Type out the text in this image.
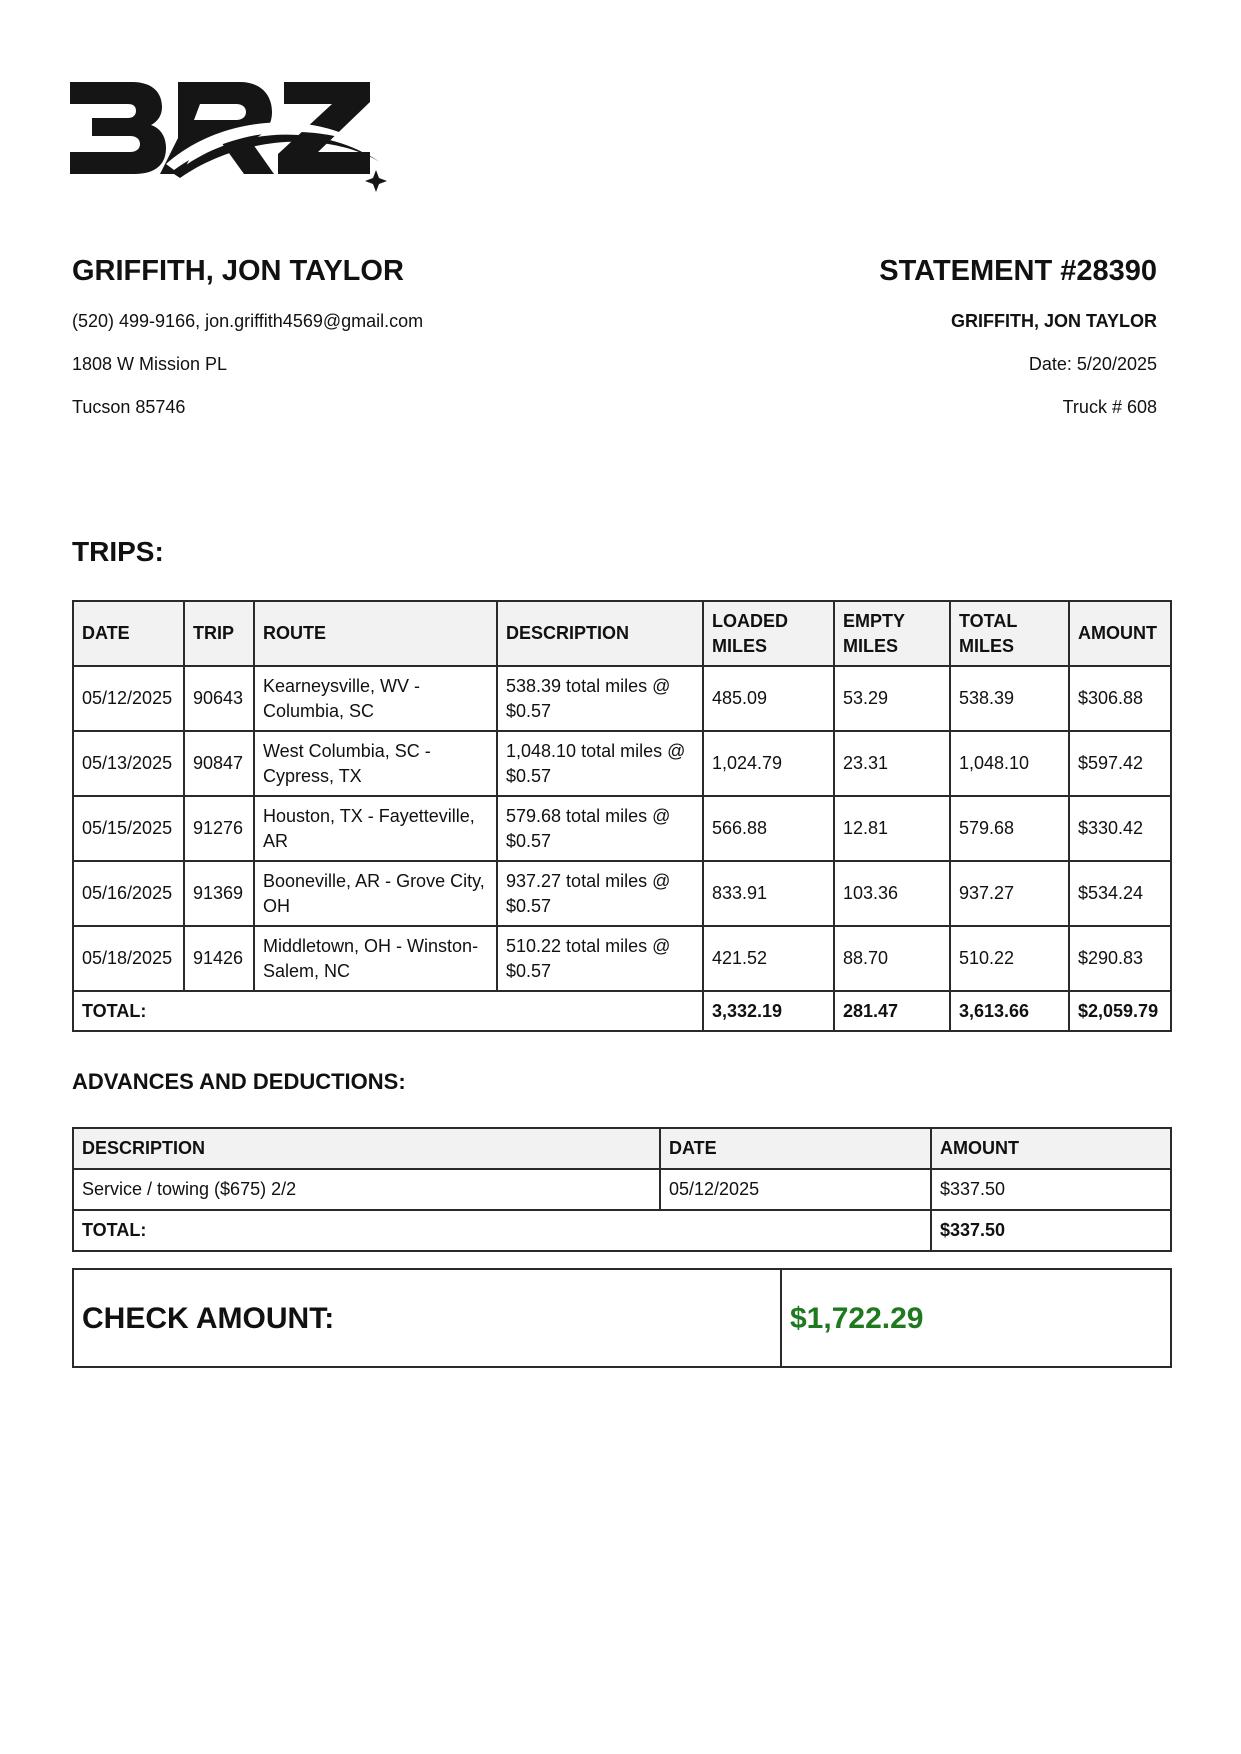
GRIFFITH, JON TAYLOR
(520) 499-9166, jon.griffith4569@gmail.com
1808 W Mission PL
Tucson 85746
STATEMENT #28390
GRIFFITH, JON TAYLOR
Date: 5/20/2025
Truck # 608
TRIPS:
DATE	TRIP	ROUTE	DESCRIPTION	LOADED MILES	EMPTY MILES	TOTAL MILES	AMOUNT
05/12/2025	90643	Kearneysville, WV - Columbia, SC	538.39 total miles @ $0.57	485.09	53.29	538.39	$306.88
05/13/2025	90847	West Columbia, SC - Cypress, TX	1,048.10 total miles @ $0.57	1,024.79	23.31	1,048.10	$597.42
05/15/2025	91276	Houston, TX - Fayetteville, AR	579.68 total miles @ $0.57	566.88	12.81	579.68	$330.42
05/16/2025	91369	Booneville, AR - Grove City, OH	937.27 total miles @ $0.57	833.91	103.36	937.27	$534.24
05/18/2025	91426	Middletown, OH - Winston-Salem, NC	510.22 total miles @ $0.57	421.52	88.70	510.22	$290.83
TOTAL:				3,332.19	281.47	3,613.66	$2,059.79
ADVANCES AND DEDUCTIONS:
DESCRIPTION	DATE	AMOUNT
Service / towing ($675) 2/2	05/12/2025	$337.50
TOTAL:		$337.50
CHECK AMOUNT:	$1,722.29
